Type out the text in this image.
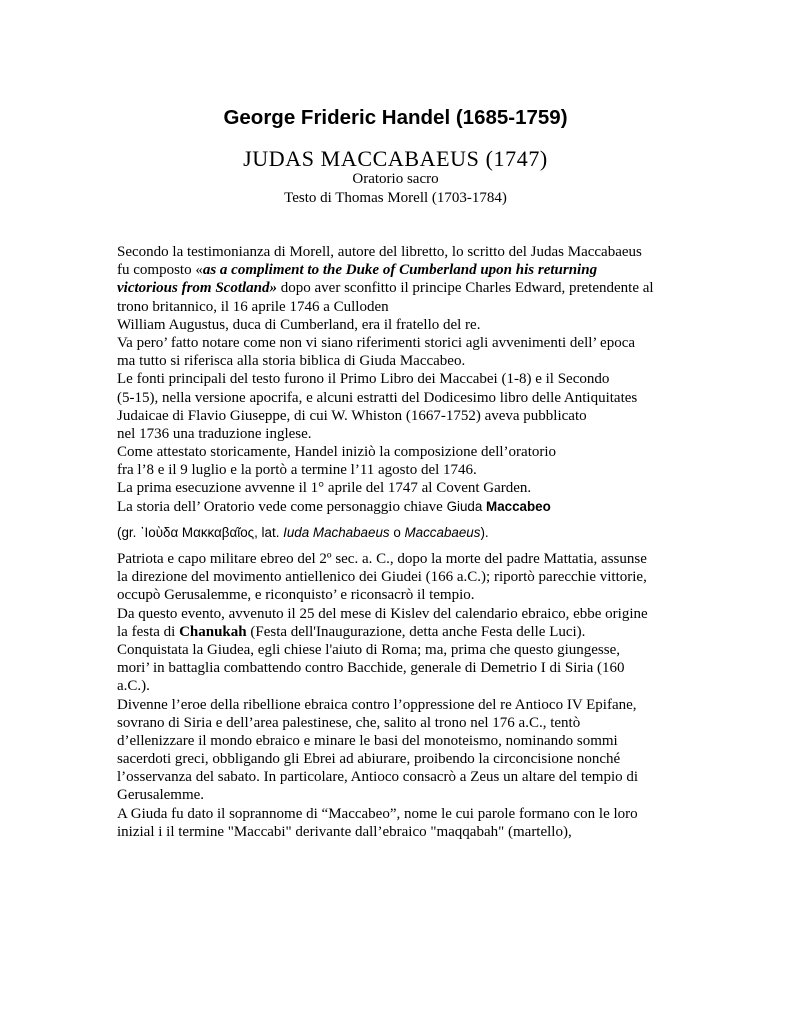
George Frideric Handel (1685-1759)
JUDAS MACCABAEUS (1747)
Oratorio sacro
Testo di Thomas Morell (1703-1784)
Secondo la testimonianza di Morell, autore del libretto, lo scritto del Judas Maccabaeus
fu composto «as a compliment to the Duke of Cumberland upon his returning
victorious from Scotland» dopo aver sconfitto il principe Charles Edward, pretendente al
trono britannico, il 16 aprile 1746 a Culloden
William Augustus, duca di Cumberland, era il fratello del re.
Va pero’ fatto notare come non vi siano riferimenti storici agli avvenimenti dell’ epoca
ma tutto si riferisca alla storia biblica di Giuda Maccabeo.
Le fonti principali del testo furono il Primo Libro dei Maccabei (1-8) e il Secondo
(5-15), nella versione apocrifa, e alcuni estratti del Dodicesimo libro delle Antiquitates
Judaicae di Flavio Giuseppe, di cui W. Whiston (1667-1752) aveva pubblicato
nel 1736 una traduzione inglese.
Come attestato storicamente, Handel iniziò la composizione dell’oratorio
fra l’8 e il 9 luglio e la portò a termine l’11 agosto del 1746.
La prima esecuzione avvenne il 1° aprile del 1747 al Covent Garden.
La storia dell’ Oratorio vede come personaggio chiave Giuda Maccabeo
(gr. ᾿Ιοὺδα Μακκαβαῖος, lat. Iuda Machabaeus o Maccabaeus).
Patriota e capo militare ebreo del 2º sec. a. C., dopo la morte del padre Mattatia, assunse
la direzione del movimento antiellenico dei Giudei (166 a.C.); riportò parecchie vittorie,
occupò Gerusalemme, e riconquisto’ e riconsacrò il tempio.
Da questo evento, avvenuto il 25 del mese di Kislev del calendario ebraico, ebbe origine
la festa di Chanukah (Festa dell'Inaugurazione, detta anche Festa delle Luci).
Conquistata la Giudea, egli chiese l'aiuto di Roma; ma, prima che questo giungesse,
mori’ in battaglia combattendo contro Bacchide, generale di Demetrio I di Siria (160
a.C.).
Divenne l’eroe della ribellione ebraica contro l’oppressione del re Antioco IV Epifane,
sovrano di Siria e dell’area palestinese, che, salito al trono nel 176 a.C., tentò
d’ellenizzare il mondo ebraico e minare le basi del monoteismo, nominando sommi
sacerdoti greci, obbligando gli Ebrei ad abiurare, proibendo la circoncisione nonché
l’osservanza del sabato. In particolare, Antioco consacrò a Zeus un altare del tempio di
Gerusalemme.
A Giuda fu dato il soprannome di “Maccabeo”, nome le cui parole formano con le loro
inizial i il termine "Maccabi" derivante dall’ebraico "maqqabah" (martello),
